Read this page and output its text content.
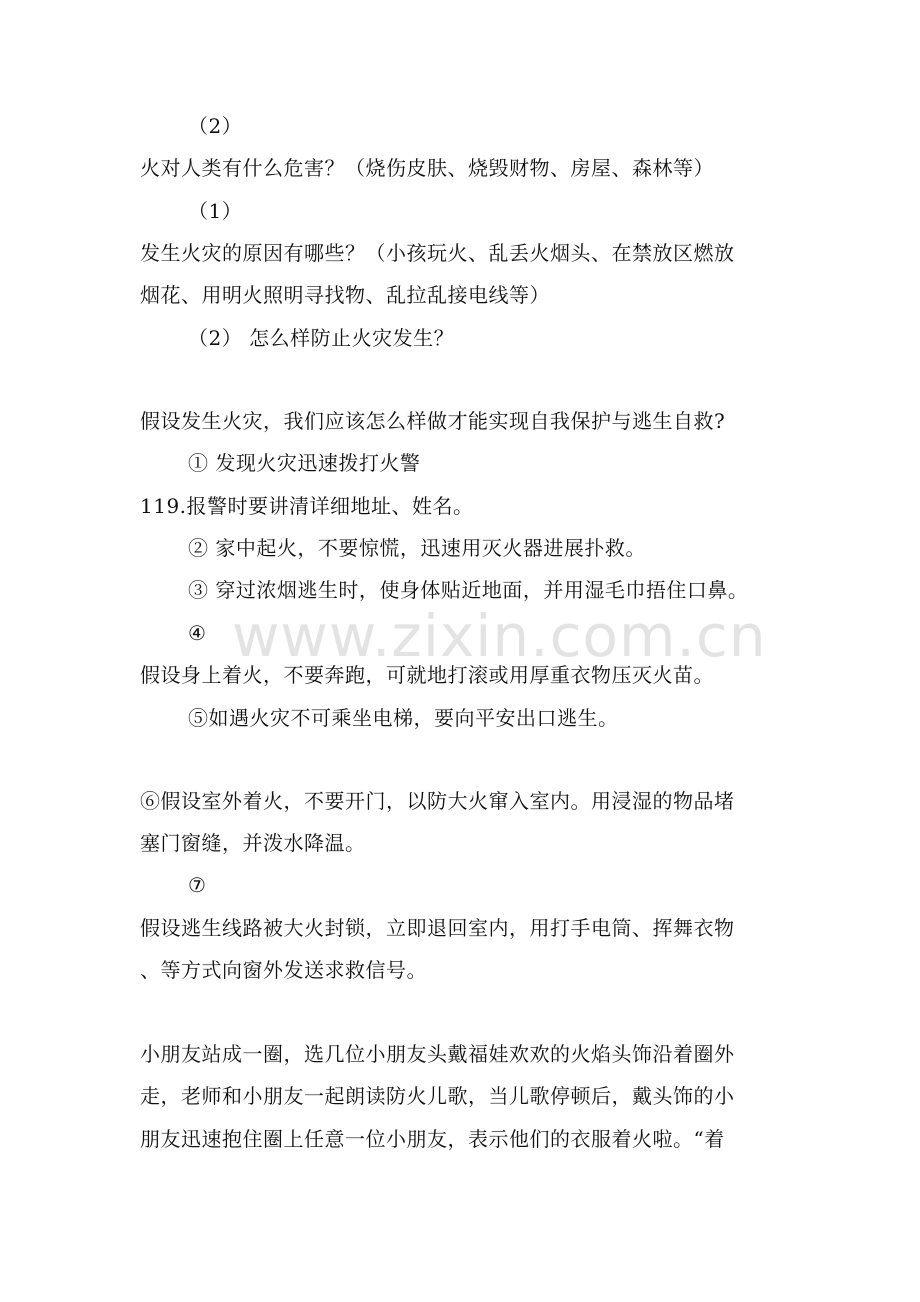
（2）
火对人类有什么危害？（烧伤皮肤、烧毁财物、房屋、森林等）
（1）
发生火灾的原因有哪些？（小孩玩火、乱丢火烟头、在禁放区燃放
烟花、用明火照明寻找物、乱拉乱接电线等）
（2） 怎么样防止火灾发生？
假设发生火灾，我们应该怎么样做才能实现自我保护与逃生自救?
① 发现火灾迅速拨打火警
119.报警时要讲清详细地址、姓名。
② 家中起火，不要惊慌，迅速用灭火器进展扑救。
③ 穿过浓烟逃生时，使身体贴近地面，并用湿毛巾捂住口鼻。
④
假设身上着火，不要奔跑，可就地打滚或用厚重衣物压灭火苗。
⑤如遇火灾不可乘坐电梯，要向平安出口逃生。
⑥假设室外着火，不要开门，以防大火窜入室内。用浸湿的物品堵
塞门窗缝，并泼水降温。
⑦
假设逃生线路被大火封锁，立即退回室内，用打手电筒、挥舞衣物
、等方式向窗外发送求救信号。
小朋友站成一圈，选几位小朋友头戴福娃欢欢的火焰头饰沿着圈外
走，老师和小朋友一起朗读防火儿歌，当儿歌停顿后，戴头饰的小
朋友迅速抱住圈上任意一位小朋友，表示他们的衣服着火啦。“着
www.zixin.com.cn
